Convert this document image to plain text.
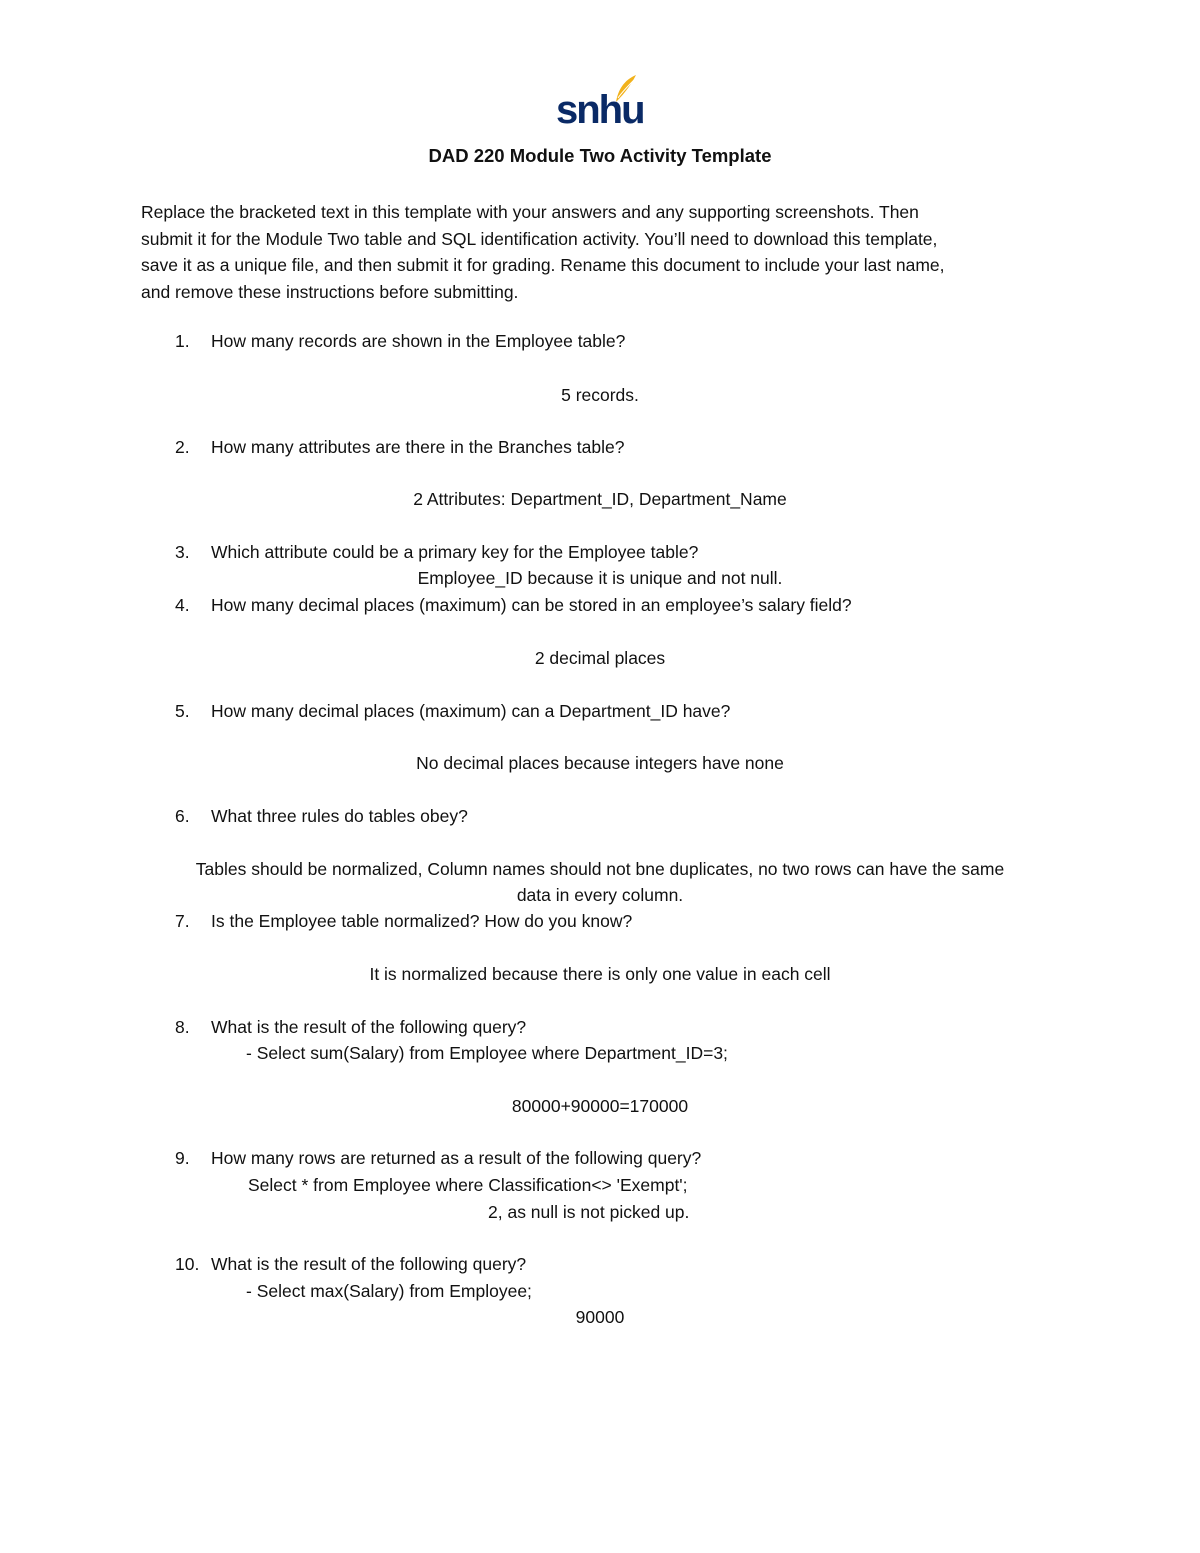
snhu
DAD 220 Module Two Activity Template

Replace the bracketed text in this template with your answers and any supporting screenshots. Then

submit it for the Module Two table and SQL identification activity. You’ll need to download this template,

save it as a unique file, and then submit it for grading. Rename this document to include your last name,

and remove these instructions before submitting.

1.	How many records are shown in the Employee table?
5 records.
2.	How many attributes are there in the Branches table?
2 Attributes: Department_ID, Department_Name
3.	Which attribute could be a primary key for the Employee table?
Employee_ID because it is unique and not null.
4.	How many decimal places (maximum) can be stored in an employee’s salary field?
2 decimal places
5.	How many decimal places (maximum) can a Department_ID have?
No decimal places because integers have none
6.	What three rules do tables obey?
Tables should be normalized, Column names should not bne duplicates, no two rows can have the same
data in every column.
7.	Is the Employee table normalized? How do you know?
It is normalized because there is only one value in each cell
8.	What is the result of the following query?
- Select sum(Salary) from Employee where Department_ID=3;
80000+90000=170000
9.	How many rows are returned as a result of the following query?
Select * from Employee where Classification<> 'Exempt';
2, as null is not picked up.
10. What is the result of the following query?
- Select max(Salary) from Employee;
90000
